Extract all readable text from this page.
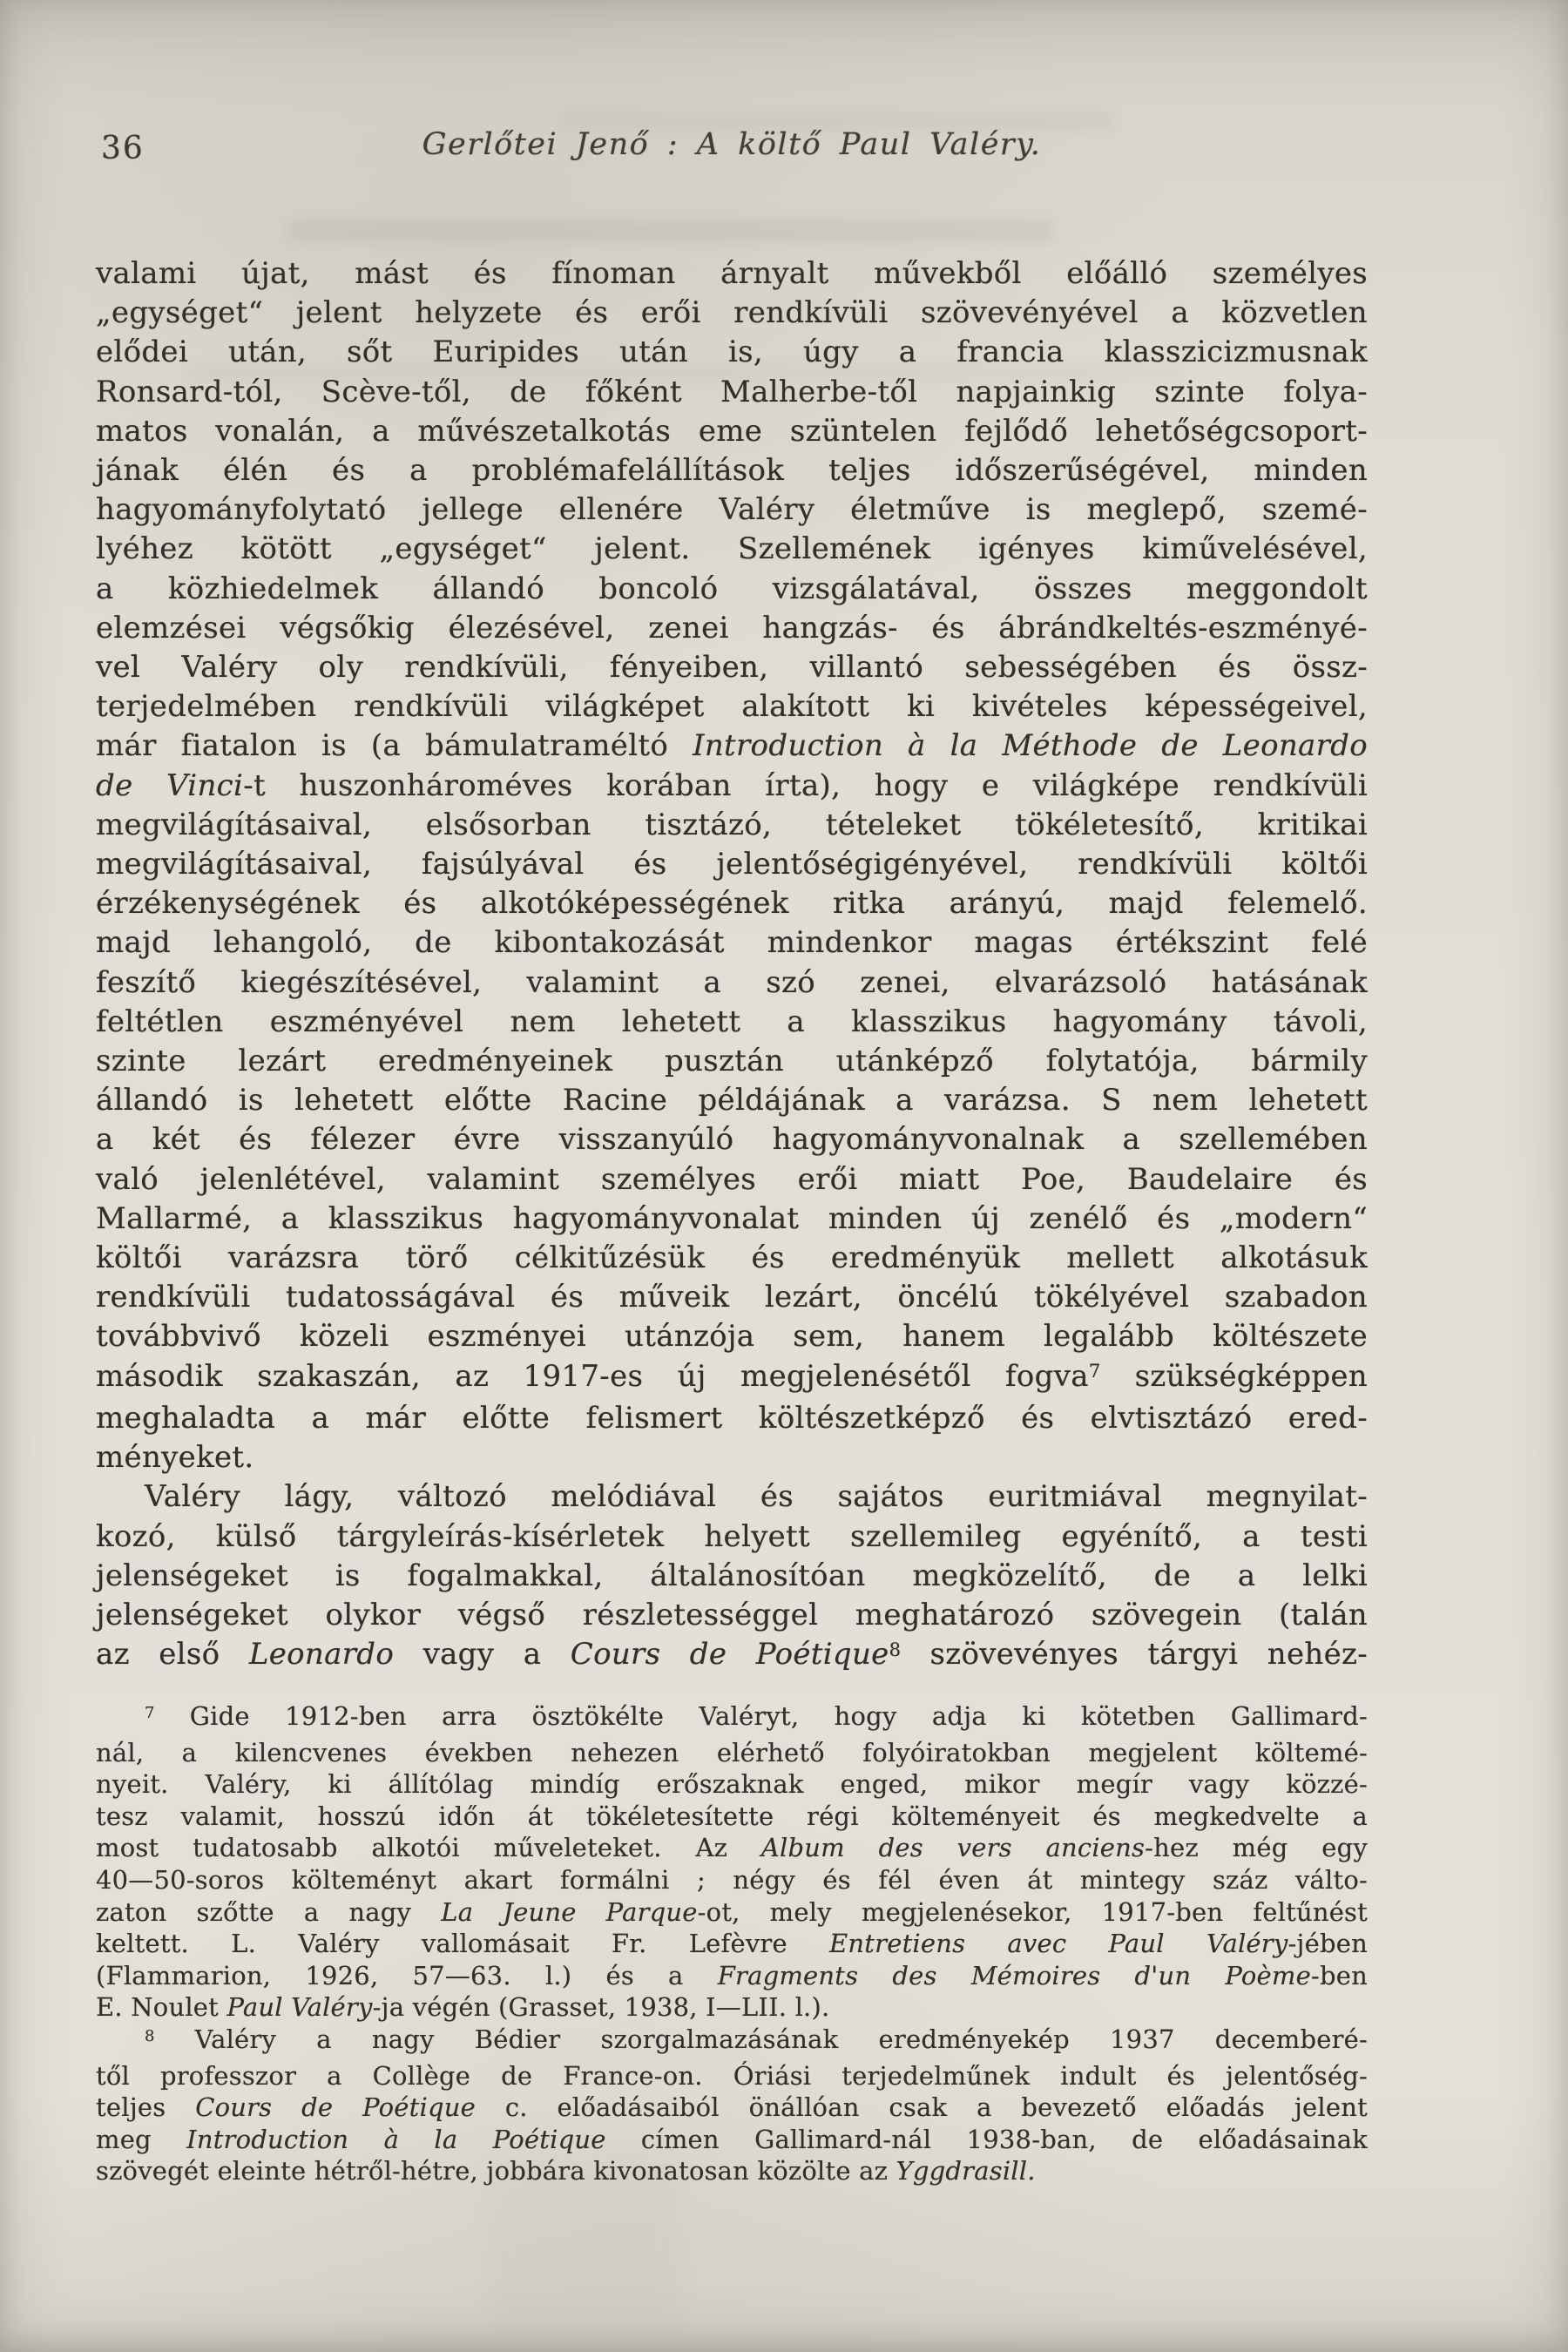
36	Gerlőtei Jenő : A költő Paul Valéry.
valami újat, mást és fínoman árnyalt művekből előálló személyes
„egységet“ jelent helyzete és erői rendkívüli szövevényével a közvetlen
elődei után, sőt Euripides után is, úgy a francia klasszicizmusnak
Ronsard-tól, Scève-től, de főként Malherbe-től napjainkig szinte folya-
matos vonalán, a művészetalkotás eme szüntelen fejlődő lehetőségcsoport-
jának élén és a problémafelállítások teljes időszerűségével, minden
hagyományfolytató jellege ellenére Valéry életműve is meglepő, szemé-
lyéhez kötött „egységet“ jelent. Szellemének igényes kiművelésével,
a közhiedelmek állandó boncoló vizsgálatával, összes meggondolt
elemzései végsőkig élezésével, zenei hangzás- és ábrándkeltés-eszményé-
vel Valéry oly rendkívüli, fényeiben, villantó sebességében és össz-
terjedelmében rendkívüli világképet alakított ki kivételes képességeivel,
már fiatalon is (a bámulatraméltó Introduction à la Méthode de Leonardo
de Vinci-t huszonhároméves korában írta), hogy e világképe rendkívüli
megvilágításaival, elsősorban tisztázó, tételeket tökéletesítő, kritikai
megvilágításaival, fajsúlyával és jelentőségigényével, rendkívüli költői
érzékenységének és alkotóképességének ritka arányú, majd felemelő.
majd lehangoló, de kibontakozását mindenkor magas értékszint felé
feszítő kiegészítésével, valamint a szó zenei, elvarázsoló hatásának
feltétlen eszményével nem lehetett a klasszikus hagyomány távoli,
szinte lezárt eredményeinek pusztán utánképző folytatója, bármily
állandó is lehetett előtte Racine példájának a varázsa. S nem lehetett
a két és félezer évre visszanyúló hagyományvonalnak a szellemében
való jelenlétével, valamint személyes erői miatt Poe, Baudelaire és
Mallarmé, a klasszikus hagyományvonalat minden új zenélő és „modern“
költői varázsra törő célkitűzésük és eredményük mellett alkotásuk
rendkívüli tudatosságával és műveik lezárt, öncélú tökélyével szabadon
továbbvivő közeli eszményei utánzója sem, hanem legalább költészete
második szakaszán, az 1917-es új megjelenésétől fogva$^7$ szükségképpen
meghaladta a már előtte felismert költészetképző és elvtisztázó ered-
ményeket.
Valéry lágy, változó melódiával és sajátos euritmiával megnyilat-
kozó, külső tárgyleírás-kísérletek helyett szellemileg egyénítő, a testi
jelenségeket is fogalmakkal, általánosítóan megközelítő, de a lelki
jelenségeket olykor végső részletességgel meghatározó szövegein (talán
az első Leonardo vagy a Cours de Poétique$^8$ szövevényes tárgyi nehéz-
$^7$ Gide 1912-ben arra ösztökélte Valéryt, hogy adja ki kötetben Gallimard-
nál, a kilencvenes években nehezen elérhető folyóiratokban megjelent költemé-
nyeit. Valéry, ki állítólag mindíg erőszaknak enged, mikor megír vagy közzé-
tesz valamit, hosszú időn át tökéletesítette régi költeményeit és megkedvelte a
most tudatosabb alkotói műveleteket. Az Album des vers anciens-hez még egy
40—50-soros költeményt akart formálni ; négy és fél éven át mintegy száz válto-
zaton szőtte a nagy La Jeune Parque-ot, mely megjelenésekor, 1917-ben feltűnést
keltett. L. Valéry vallomásait Fr. Lefèvre Entretiens avec Paul Valéry-jében
(Flammarion, 1926, 57—63. l.) és a Fragments des Mémoires d'un Poème-ben
E. Noulet Paul Valéry-ja végén (Grasset, 1938, I—LII. l.).
$^8$ Valéry a nagy Bédier szorgalmazásának eredményekép 1937 decemberé-
től professzor a Collège de France-on. Óriási terjedelműnek indult és jelentőség-
teljes Cours de Poétique c. előadásaiból önállóan csak a bevezető előadás jelent
meg Introduction à la Poétique címen Gallimard-nál 1938-ban, de előadásainak
szövegét eleinte hétről-hétre, jobbára kivonatosan közölte az Yggdrasill.
